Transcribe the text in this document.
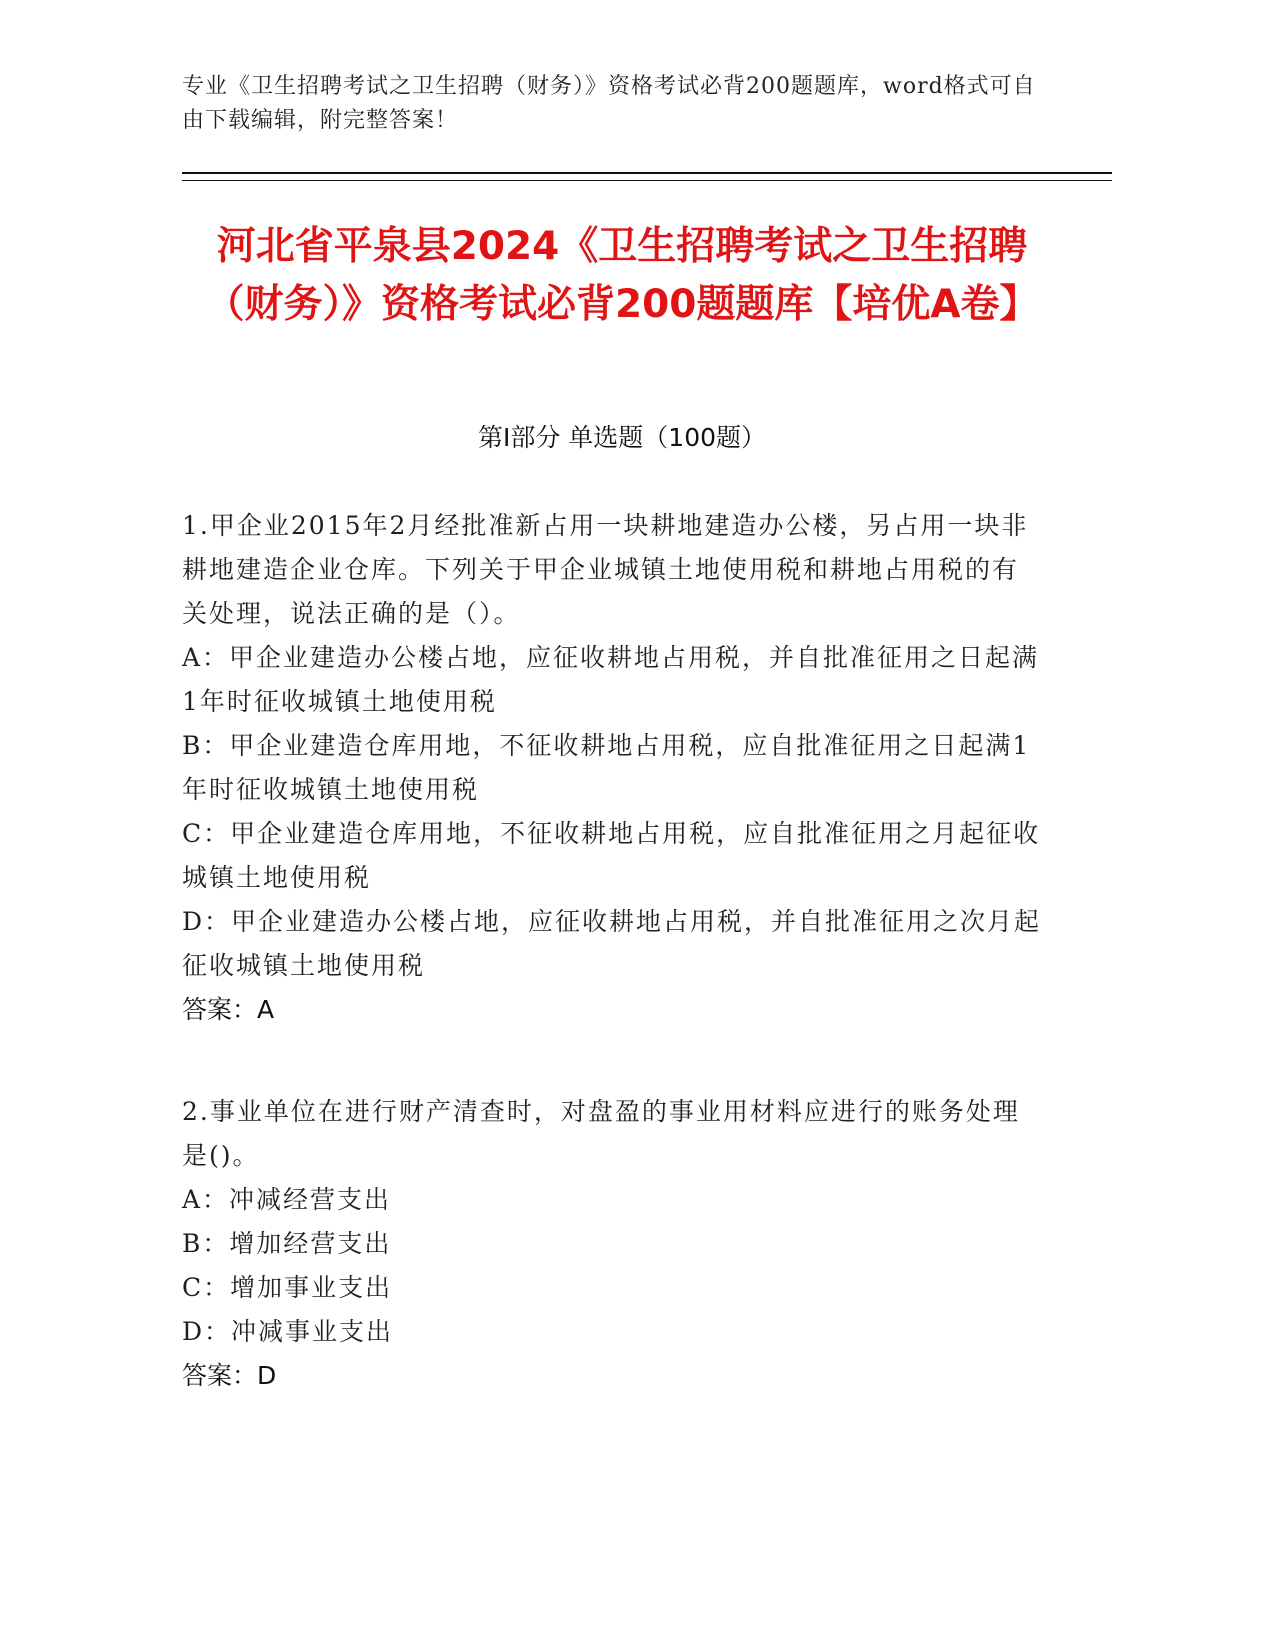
专业《卫生招聘考试之卫生招聘（财务）》资格考试必背200题题库，word格式可自由下载编辑，附完整答案！
河北省平泉县2024《卫生招聘考试之卫生招聘（财务）》资格考试必背200题题库【培优A卷】
第Ⅰ部分 单选题（100题）

1.甲企业2015年2月经批准新占用一块耕地建造办公楼，另占用一块非耕地建造企业仓库。下列关于甲企业城镇土地使用税和耕地占用税的有关处理，说法正确的是（）。

A：甲企业建造办公楼占地，应征收耕地占用税，并自批准征用之日起满1年时征收城镇土地使用税

B：甲企业建造仓库用地，不征收耕地占用税，应自批准征用之日起满1年时征收城镇土地使用税

C：甲企业建造仓库用地，不征收耕地占用税，应自批准征用之月起征收城镇土地使用税

D：甲企业建造办公楼占地，应征收耕地占用税，并自批准征用之次月起征收城镇土地使用税

答案：A

2.事业单位在进行财产清查时，对盘盈的事业用材料应进行的账务处理是()。

A：冲减经营支出

B：增加经营支出

C：增加事业支出

D：冲减事业支出

答案：D
